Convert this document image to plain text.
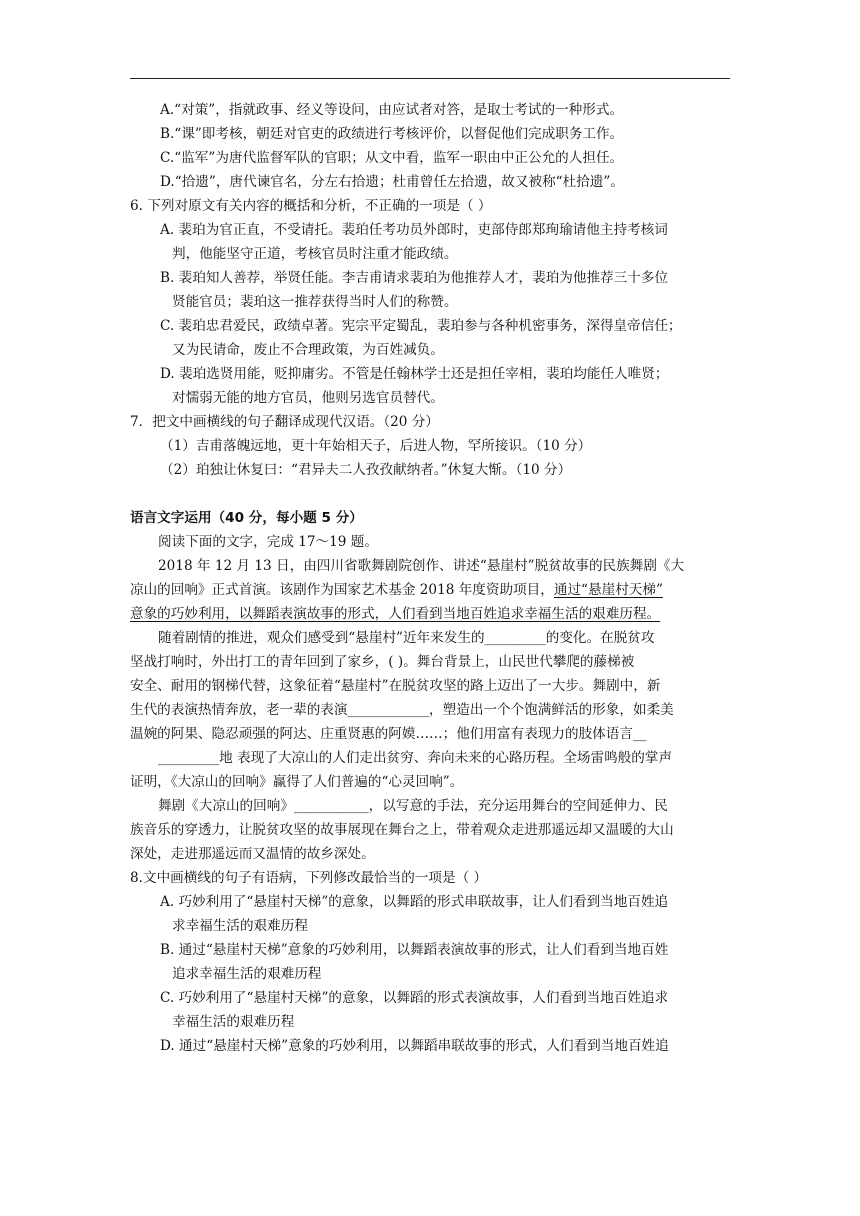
A.“对策”，指就政事、经义等设问，由应试者对答，是取士考试的一种形式。
B.“课”即考核，朝廷对官吏的政绩进行考核评价，以督促他们完成职务工作。
C.“监军”为唐代监督军队的官职；从文中看，监军一职由中正公允的人担任。
D.“拾遗”，唐代谏官名，分左右拾遗；杜甫曾任左拾遗，故又被称“杜拾遗”。
6. 下列对原文有关内容的概括和分析，不正确的一项是（ ）
A. 裴珀为官正直，不受请托。裴珀任考功员外郎时，吏部侍郎郑珣瑜请他主持考核词
判，他能坚守正道，考核官员时注重才能政绩。
B. 裴珀知人善荐，举贤任能。李吉甫请求裴珀为他推荐人才，裴珀为他推荐三十多位
贤能官员；裴珀这一推荐获得当时人们的称赞。
C. 裴珀忠君爱民，政绩卓著。宪宗平定蜀乱，裴珀参与各种机密事务，深得皇帝信任；
又为民请命，废止不合理政策，为百姓减负。
D. 裴珀选贤用能，贬抑庸劣。不管是任翰林学士还是担任宰相，裴珀均能任人唯贤；
对懦弱无能的地方官员，他则另选官员替代。
7．把文中画横线的句子翻译成现代汉语。（20 分）
（1）吉甫落魄远地，更十年始相天子，后进人物，罕所接识。（10 分）
（2）珀独让休复曰：“君异夫二人孜孜献纳者。”休复大惭。（10 分）
语言文字运用（40 分，每小题 5 分）
阅读下面的文字，完成 17～19 题。
2018 年 12 月 13 日，由四川省歌舞剧院创作、讲述“悬崖村”脱贫故事的民族舞剧《大
凉山的回响》正式首演。该剧作为国家艺术基金 2018 年度资助项目，通过“悬崖村天梯”
意象的巧妙利用，以舞蹈表演故事的形式，人们看到当地百姓追求幸福生活的艰难历程。
随着剧情的推进，观众们感受到“悬崖村”近年来发生的_________的变化。在脱贫攻
坚战打响时，外出打工的青年回到了家乡，( )。舞台背景上，山民世代攀爬的藤梯被
安全、耐用的钢梯代替，这象征着“悬崖村”在脱贫攻坚的路上迈出了一大步。舞剧中，新
生代的表演热情奔放，老一辈的表演____________，塑造出一个个饱满鲜活的形象，如柔美
温婉的阿果、隐忍顽强的阿达、庄重贤惠的阿嫫……；他们用富有表现力的肢体语言__
_________地 表现了大凉山的人们走出贫穷、奔向未来的心路历程。全场雷鸣般的掌声
证明，《大凉山的回响》赢得了人们普遍的“心灵回响”。
舞剧《大凉山的回响》___________，以写意的手法，充分运用舞台的空间延伸力、民
族音乐的穿透力，让脱贫攻坚的故事展现在舞台之上，带着观众走进那遥远却又温暖的大山
深处，走进那遥远而又温情的故乡深处。
8.文中画横线的句子有语病，下列修改最恰当的一项是（ ）
A. 巧妙利用了“悬崖村天梯”的意象，以舞蹈的形式串联故事，让人们看到当地百姓追
求幸福生活的艰难历程
B. 通过“悬崖村天梯”意象的巧妙利用，以舞蹈表演故事的形式，让人们看到当地百姓
追求幸福生活的艰难历程
C. 巧妙利用了“悬崖村天梯”的意象，以舞蹈的形式表演故事，人们看到当地百姓追求
幸福生活的艰难历程
D. 通过“悬崖村天梯”意象的巧妙利用，以舞蹈串联故事的形式，人们看到当地百姓追
